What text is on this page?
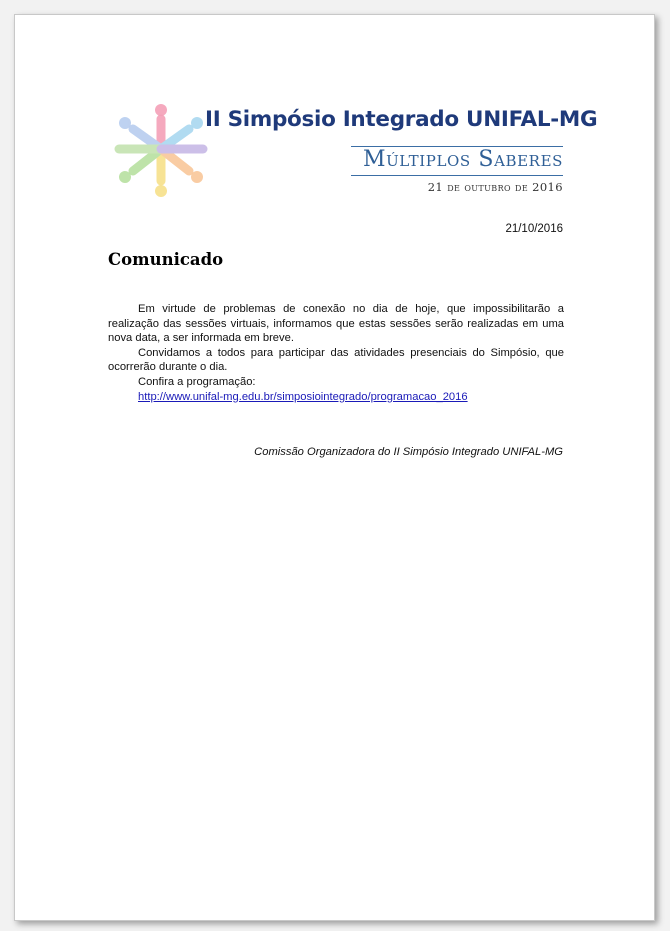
II Simpósio Integrado UNIFAL-MG
Múltiplos Saberes
21 de outubro de 2016
21/10/2016
Comunicado

Em virtude de problemas de conexão no dia de hoje, que impossibilitarão a realização das sessões virtuais, informamos que estas sessões serão realizadas em uma nova data, a ser informada em breve.

Convidamos a todos para participar das atividades presenciais do Simpósio, que ocorrerão durante o dia.

Confira a programação:

http://www.unifal-mg.edu.br/simposiointegrado/programacao_2016

Comissão Organizadora do II Simpósio Integrado UNIFAL-MG
